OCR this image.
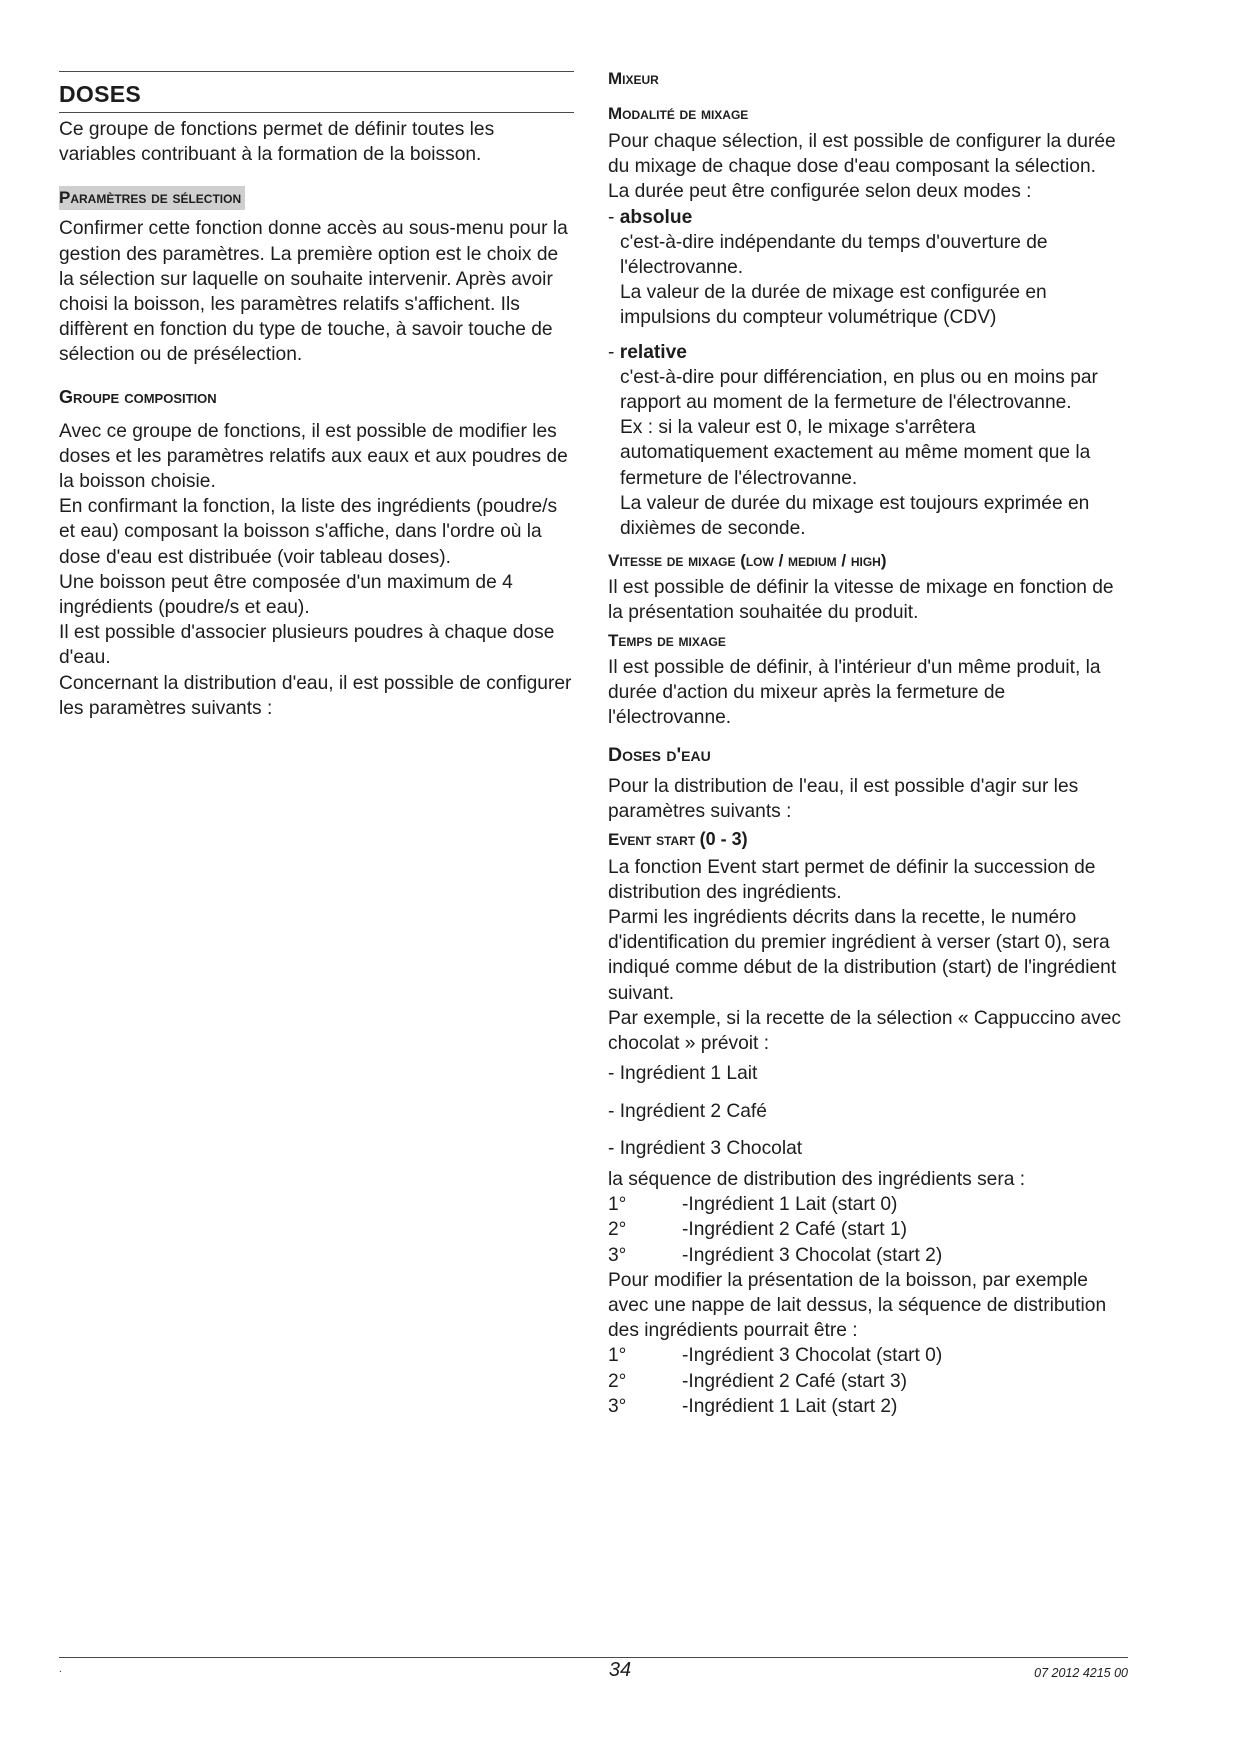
DOSES

Ce groupe de fonctions permet de définir toutes les variables contribuant à la formation de la boisson.

Paramètres de sélection

Confirmer cette fonction donne accès au sous-menu pour la gestion des paramètres. La première option est le choix de la sélection sur laquelle on souhaite intervenir. Après avoir choisi la boisson, les paramètres relatifs s'affichent. Ils diffèrent en fonction du type de touche, à savoir touche de sélection ou de présélection.

Groupe composition

Avec ce groupe de fonctions, il est possible de modifier les doses et les paramètres relatifs aux eaux et aux poudres de la boisson choisie.

En confirmant la fonction, la liste des ingrédients (poudre/s et eau) composant la boisson s'affiche, dans l'ordre où la dose d'eau est distribuée (voir tableau doses).

Une boisson peut être composée d'un maximum de 4 ingrédients (poudre/s et eau).

Il est possible d'associer plusieurs poudres à chaque dose d'eau.

Concernant la distribution d'eau, il est possible de configurer les paramètres suivants :

Mixeur
Modalité de mixage

Pour chaque sélection, il est possible de configurer la durée du mixage de chaque dose d'eau composant la sélection.

La durée peut être configurée selon deux modes :

- absolue

c'est-à-dire indépendante du temps d'ouverture de l'électrovanne.

La valeur de la durée de mixage est configurée en impulsions du compteur volumétrique (CDV)

- relative

c'est-à-dire pour différenciation, en plus ou en moins par rapport au moment de la fermeture de l'électrovanne.

Ex : si la valeur est 0, le mixage s'arrêtera automatiquement exactement au même moment que la fermeture de l'électrovanne.

La valeur de durée du mixage est toujours exprimée en dixièmes de seconde.

Vitesse de mixage (low / medium / high)

Il est possible de définir la vitesse de mixage en fonction de la présentation souhaitée du produit.

Temps de mixage

Il est possible de définir, à l'intérieur d'un même produit, la durée d'action du mixeur après la fermeture de l'électrovanne.

Doses d'eau

Pour la distribution de l'eau, il est possible d'agir sur les paramètres suivants :

Event start (0 - 3)

La fonction Event start permet de définir la succession de distribution des ingrédients.

Parmi les ingrédients décrits dans la recette, le numéro d'identification du premier ingrédient à verser (start 0), sera indiqué comme début de la distribution (start) de l'ingrédient suivant.

Par exemple, si la recette de la sélection « Cappuccino avec chocolat » prévoit :

- Ingrédient 1 Lait

- Ingrédient 2 Café

- Ingrédient 3 Chocolat

la séquence de distribution des ingrédients sera :

1°	-Ingrédient 1 Lait (start 0)
2°	-Ingrédient 2 Café (start 1)
3°	-Ingrédient 3 Chocolat (start 2)

Pour modifier la présentation de la boisson, par exemple avec une nappe de lait dessus, la séquence de distribution des ingrédients pourrait être :

1°	-Ingrédient 3 Chocolat (start 0)
2°	-Ingrédient 2 Café (start 3)
3°	-Ingrédient 1 Lait (start 2)
.	34	07 2012 4215 00
